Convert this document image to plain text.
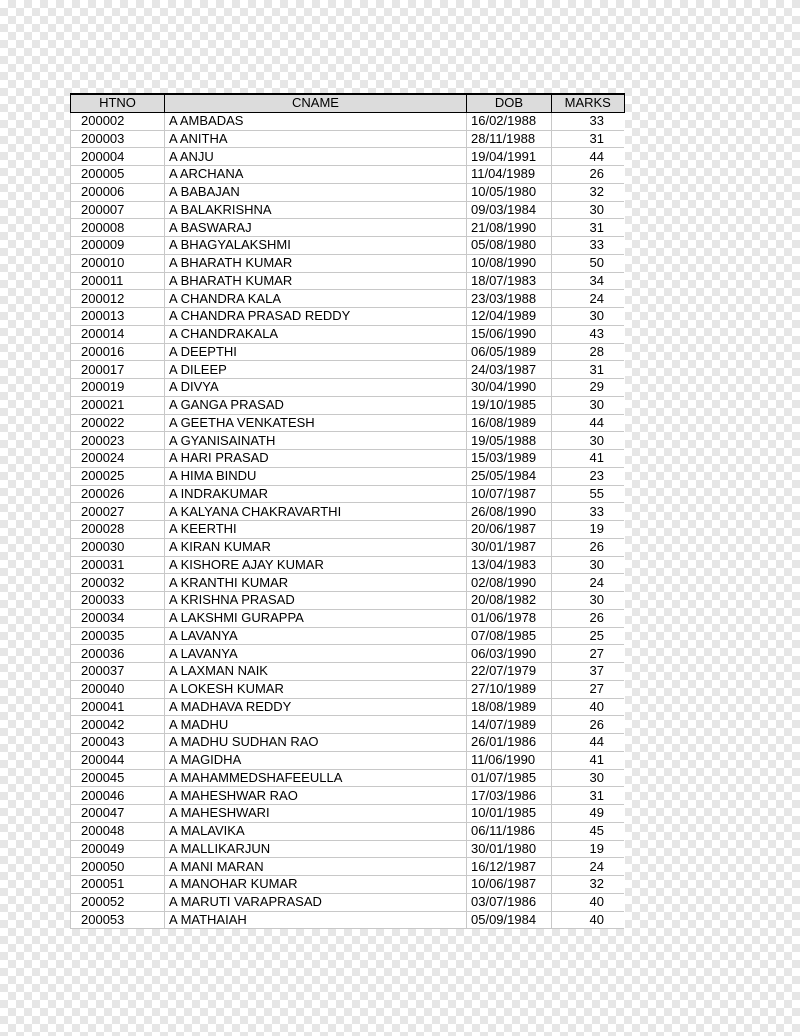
HTNO	CNAME	DOB	MARKS
200002	A AMBADAS	16/02/1988	33
200003	A ANITHA	28/11/1988	31
200004	A ANJU	19/04/1991	44
200005	A ARCHANA	11/04/1989	26
200006	A BABAJAN	10/05/1980	32
200007	A BALAKRISHNA	09/03/1984	30
200008	A BASWARAJ	21/08/1990	31
200009	A BHAGYALAKSHMI	05/08/1980	33
200010	A BHARATH KUMAR	10/08/1990	50
200011	A BHARATH KUMAR	18/07/1983	34
200012	A CHANDRA KALA	23/03/1988	24
200013	A CHANDRA PRASAD REDDY	12/04/1989	30
200014	A CHANDRAKALA	15/06/1990	43
200016	A DEEPTHI	06/05/1989	28
200017	A DILEEP	24/03/1987	31
200019	A DIVYA	30/04/1990	29
200021	A GANGA PRASAD	19/10/1985	30
200022	A GEETHA VENKATESH	16/08/1989	44
200023	A GYANISAINATH	19/05/1988	30
200024	A HARI PRASAD	15/03/1989	41
200025	A HIMA BINDU	25/05/1984	23
200026	A INDRAKUMAR	10/07/1987	55
200027	A KALYANA CHAKRAVARTHI	26/08/1990	33
200028	A KEERTHI	20/06/1987	19
200030	A KIRAN KUMAR	30/01/1987	26
200031	A KISHORE AJAY KUMAR	13/04/1983	30
200032	A KRANTHI KUMAR	02/08/1990	24
200033	A KRISHNA PRASAD	20/08/1982	30
200034	A LAKSHMI GURAPPA	01/06/1978	26
200035	A LAVANYA	07/08/1985	25
200036	A LAVANYA	06/03/1990	27
200037	A LAXMAN NAIK	22/07/1979	37
200040	A LOKESH KUMAR	27/10/1989	27
200041	A MADHAVA REDDY	18/08/1989	40
200042	A MADHU	14/07/1989	26
200043	A MADHU SUDHAN RAO	26/01/1986	44
200044	A MAGIDHA	11/06/1990	41
200045	A MAHAMMEDSHAFEEULLA	01/07/1985	30
200046	A MAHESHWAR RAO	17/03/1986	31
200047	A MAHESHWARI	10/01/1985	49
200048	A MALAVIKA	06/11/1986	45
200049	A MALLIKARJUN	30/01/1980	19
200050	A MANI MARAN	16/12/1987	24
200051	A MANOHAR KUMAR	10/06/1987	32
200052	A MARUTI VARAPRASAD	03/07/1986	40
200053	A MATHAIAH	05/09/1984	40
